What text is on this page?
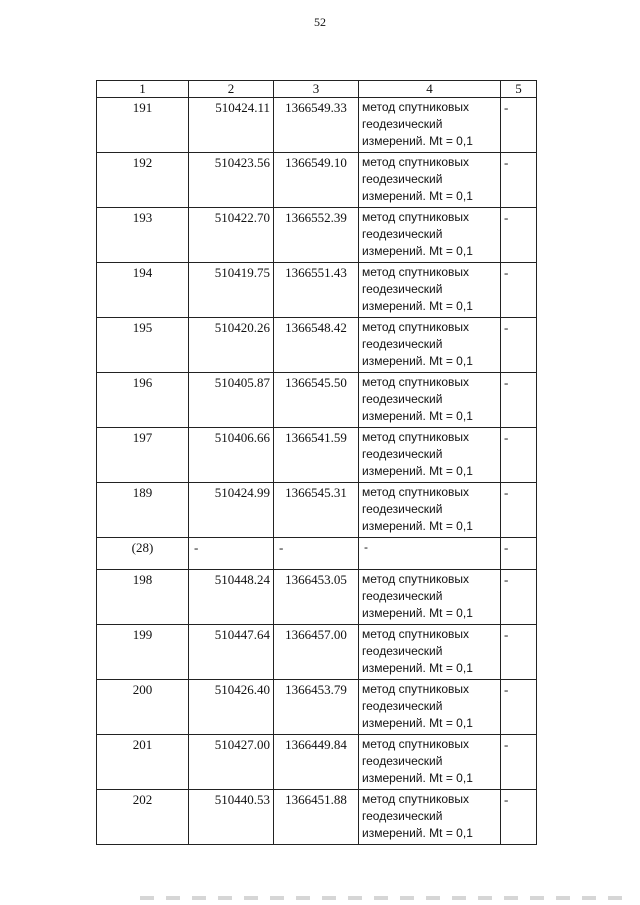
52
1	2	3	4	5
191	510424.11	1366549.33	метод спутниковых
геодезический
измерений. Mt = 0,1	-
192	510423.56	1366549.10	метод спутниковых
геодезический
измерений. Mt = 0,1	-
193	510422.70	1366552.39	метод спутниковых
геодезический
измерений. Mt = 0,1	-
194	510419.75	1366551.43	метод спутниковых
геодезический
измерений. Mt = 0,1	-
195	510420.26	1366548.42	метод спутниковых
геодезический
измерений. Mt = 0,1	-
196	510405.87	1366545.50	метод спутниковых
геодезический
измерений. Mt = 0,1	-
197	510406.66	1366541.59	метод спутниковых
геодезический
измерений. Mt = 0,1	-
189	510424.99	1366545.31	метод спутниковых
геодезический
измерений. Mt = 0,1	-
(28)	-	-	-	-
198	510448.24	1366453.05	метод спутниковых
геодезический
измерений. Mt = 0,1	-
199	510447.64	1366457.00	метод спутниковых
геодезический
измерений. Mt = 0,1	-
200	510426.40	1366453.79	метод спутниковых
геодезический
измерений. Mt = 0,1	-
201	510427.00	1366449.84	метод спутниковых
геодезический
измерений. Mt = 0,1	-
202	510440.53	1366451.88	метод спутниковых
геодезический
измерений. Mt = 0,1	-
